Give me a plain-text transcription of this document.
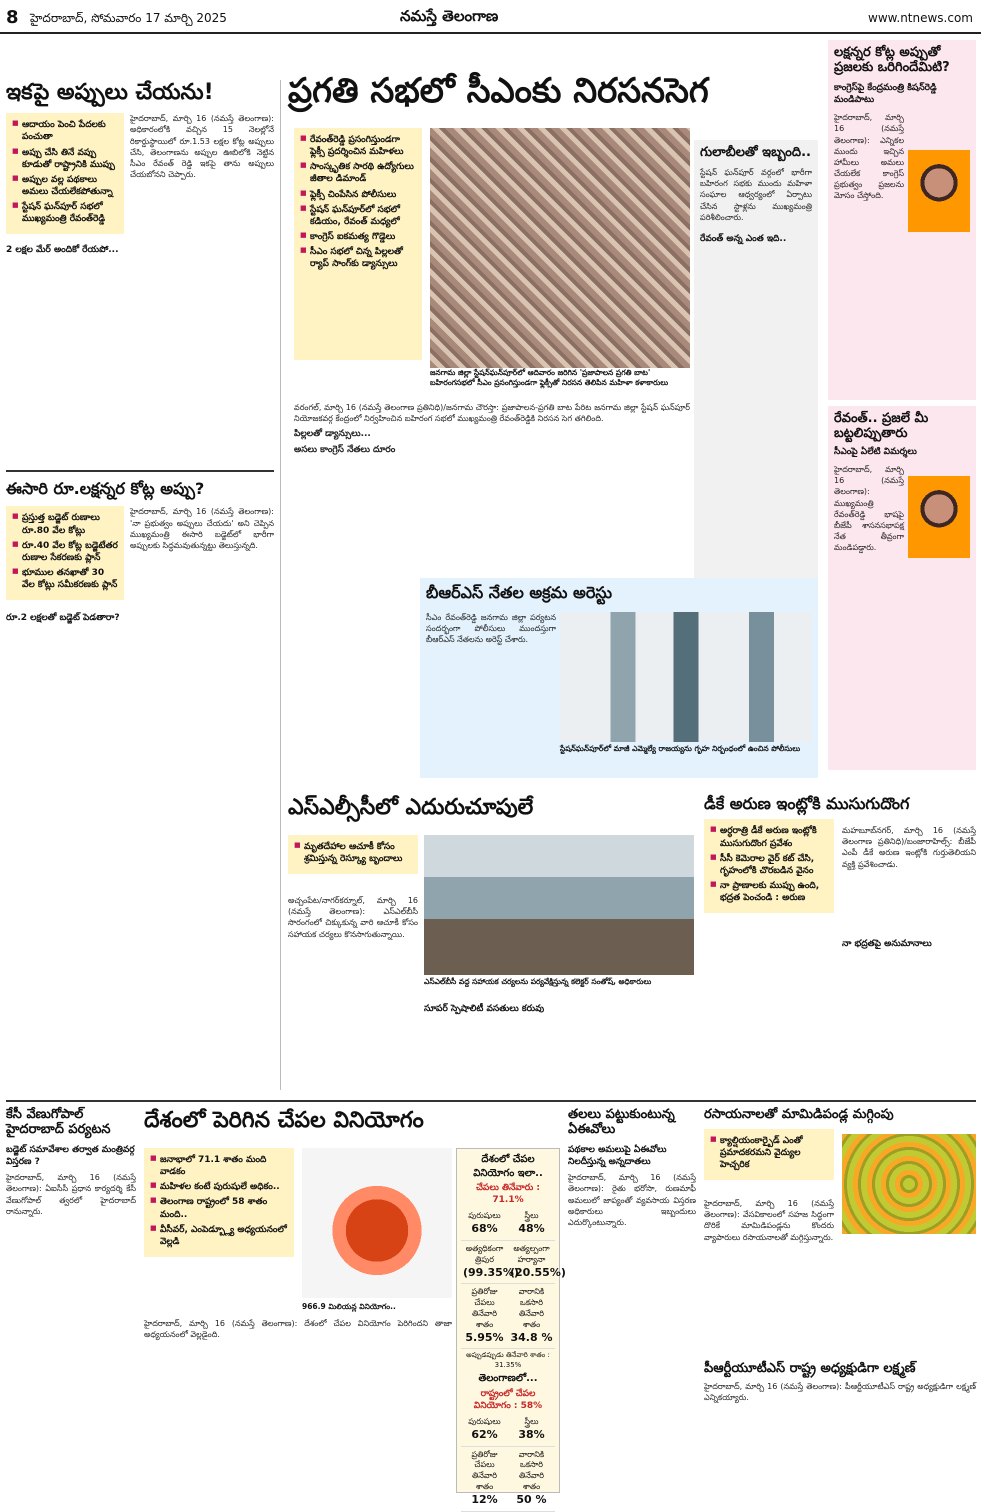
8 హైదరాబాద్, సోమవారం 17 మార్చి 2025	నమస్తే తెలంగాణ	www.ntnews.com
ఇకపై అప్పులు చేయను!
■ ఆదాయం పెంచి పేదలకు పంచుతా
■ అప్పు చేసి తినే వప్పు కూడుతో రాష్ట్రానికి ముప్పు
■ అప్పుల వల్ల పథకాలు అమలు చేయలేకపోతున్నా
■ స్టేషన్ ఘన్‌పూర్ సభలో ముఖ్యమంత్రి రేవంత్‌రెడ్డి

హైదరాబాద్, మార్చి 16 (నమస్తే తెలంగాణ): అధికారంలోకి వచ్చిన 15 నెలల్లోనే రికార్డుస్థాయిలో రూ.1.53 లక్షల కోట్ల అప్పులు చేసి, తెలంగాణను అప్పుల ఊబిలోకి నెట్టిన సీఎం రేవంత్ రెడ్డి ఇకపై తాను అప్పులు చేయబోనని చెప్పారు.

2 లక్షల మేర్ అందికో రేయపో...
ఈసారి రూ.లక్షన్నర కోట్ల అప్పు?
■ ప్రస్తుత్త బడ్జెట్ రుణాలు రూ.80 వేల కోట్లు
■ రూ.40 వేల కోట్ల బడ్జెటేతర రుణాల సేకరణకు ప్లాన్
■ భూముల తనఖాతో 30 వేల కోట్లు సమీకరణకు ప్లాన్

హైదరాబాద్, మార్చి 16 (నమస్తే తెలంగాణ): 'నా ప్రభుత్వం అప్పులు చేయదు' అని చెప్పిన ముఖ్యమంత్రి ఈసారి బడ్జెట్‌లో భారీగా అప్పులకు సిద్ధమవుతున్నట్టు తెలుస్తున్నది.

రూ.2 లక్షలతో బడ్జెట్ పెడతారా?
ప్రగతి సభలో సీఎంకు నిరసనసెగ
■ రేవంత్‌రెడ్డి ప్రసంగిస్తుండగా ఫ్లెక్సీ ప్రదర్శించిన మహిళలు
■ సాంస్కృతిక సారథి ఉద్యోగులు జీతాల డిమాండ్
■ ఫ్లెక్సీ చింపేసిన పోలీసులు
■ స్టేషన్ ఘన్‌పూర్‌లో సభలో కడియం, రేవంత్ మధ్యలో
■ కాంగ్రెస్ ఐకమత్య గొడ్డెలు
■ సీఎం సభలో చిన్న పిల్లలతో ర్యాప్ సాంగ్‌కు డ్యాన్సులు
జనగామ జిల్లా స్టేషన్‌ఘన్‌పూర్‌లో ఆదివారం జరిగిన 'ప్రజాపాలన ప్రగతి బాట' బహిరంగసభలో సీఎం ప్రసంగిస్తుండగా ఫ్లెక్సీతో నిరసన తెలిపిన మహిళా కళాకారులు

వరంగల్, మార్చి 16 (నమస్తే తెలంగాణ ప్రతినిధి)/జనగామ చౌరస్తా: ప్రజాపాలన-ప్రగతి బాట పేరిట జనగామ జిల్లా స్టేషన్ ఘన్‌పూర్ నియోజకవర్గ కేంద్రంలో నిర్వహించిన బహిరంగ సభలో ముఖ్యమంత్రి రేవంత్‌రెడ్డికి నిరసన సెగ తగిలింది.

పిల్లలతో డ్యాన్సులు...
అసలు కాంగ్రెస్ నేతలు దూరం
గులాబీలతో ఇబ్బంది..
స్టేషన్ ఘన్‌పూర్ వర్గంలో భారీగా బహిరంగ సభకు ముందు మహిళా సంఘాల ఆధ్వర్యంలో ఏర్పాటు చేసిన స్టాళ్లను ముఖ్యమంత్రి పరిశీలించారు.
రేవంత్ అన్న ఎంత ఇది..
బీఆర్ఎస్ నేతల అక్రమ అరెస్టు
సీఎం రేవంత్‌రెడ్డి జనగామ జిల్లా పర్యటన సందర్భంగా పోలీసులు ముందస్తుగా బీఆర్ఎస్ నేతలను అరెస్ట్ చేశారు.
స్టేషన్‌ఘన్‌పూర్‌లో మాజీ ఎమ్మెల్యే రాజయ్యను గృహ నిర్బంధంలో ఉంచిన పోలీసులు
లక్షన్నర కోట్ల అప్పుతో ప్రజలకు ఒరిగిందేమిటి?
కాంగ్రెస్‌పై కేంద్రమంత్రి కిషన్‌రెడ్డి మండిపాటు
హైదరాబాద్, మార్చి 16 (నమస్తే తెలంగాణ): ఎన్నికల ముందు ఇచ్చిన హామీలు అమలు చేయలేక కాంగ్రెస్ ప్రభుత్వం ప్రజలను మోసం చేస్తోంది.
రేవంత్.. ప్రజలే మీ బట్టలిప్పుతారు
సీఎంపై ఏలేటి విమర్శలు
హైదరాబాద్, మార్చి 16 (నమస్తే తెలంగాణ): ముఖ్యమంత్రి రేవంత్‌రెడ్డి భాషపై బీజేపీ శాసనసభాపక్ష నేత తీవ్రంగా మండిపడ్డారు.
ఎస్ఎల్సీసీలో ఎదురుచూపులే
■ మృతదేహాల ఆచూకీ కోసం శ్రమిస్తున్న రెస్క్యూ బృందాలు
ఎస్ఎల్‌బీసీ వద్ద సహాయక చర్యలను పర్యవేక్షిస్తున్న కలెక్టర్ సంతోష్, అధికారులు
అచ్చంపేట/నాగర్‌కర్నూల్, మార్చి 16 (నమస్తే తెలంగాణ): ఎస్ఎల్‌బీసీ సొరంగంలో చిక్కుకున్న వారి ఆచూకీ కోసం సహాయక చర్యలు కొనసాగుతున్నాయి.
సూపర్ స్పెషాలిటీ వసతులు కరువు
డీకే అరుణ ఇంట్లోకి ముసుగుదొంగ
■ అర్ధరాత్రి డీకే అరుణ ఇంట్లోకి ముసుగుదొంగ ప్రవేశం
■ సీసీ కెమెరాల వైర్ కట్ చేసి, గృహంలోకి చొరబడిన వైనం
■ నా ప్రాణాలకు ముప్పు ఉంది, భద్రత పెంచండి : అరుణ
మహబూబ్‌నగర్, మార్చి 16 (నమస్తే తెలంగాణ ప్రతినిధి)/బంజారాహిల్స్: బీజేపీ ఎంపీ డీకే అరుణ ఇంట్లోకి గుర్తుతెలియని వ్యక్తి ప్రవేశించాడు.
నా భద్రతపై అనుమానాలు
కేసీ వేణుగోపాల్ హైదరాబాద్ పర్యటన
బడ్జెట్ సమావేశాల తర్వాత మంత్రివర్గ విస్తరణ ?
హైదరాబాద్, మార్చి 16 (నమస్తే తెలంగాణ): ఏఐసీసీ ప్రధాన కార్యదర్శి కేసీ వేణుగోపాల్ త్వరలో హైదరాబాద్ రానున్నారు.
దేశంలో పెరిగిన చేపల వినియోగం
■ జనాభాలో 71.1 శాతం మంది వాడకం
■ మహిళల కంటే పురుషులే అధికం..
■ తెలంగాణ రాష్ట్రంలో 58 శాతం మంది..
■ వీసీవర్, ఎంపెడ్బ్ల్యూ అధ్యయనంలో వెల్లడి
966.9 మిలియన్ల వినియోగం..
హైదరాబాద్, మార్చి 16 (నమస్తే తెలంగాణ): దేశంలో చేపల వినియోగం పెరిగిందని తాజా అధ్యయనంలో వెల్లడైంది.
దేశంలో చేపల వినియోగం ఇలా..
చేపలు తినేవారు : 71.1%
పురుషులు
68%
స్త్రీలు
48%
అత్యధికంగా త్రిపుర
(99.35%)
అత్యల్పంగా హర్యానా
(20.55%)
ప్రతిరోజు చేపలు తినేవారి శాతం
5.95%
వారానికి ఒకసారి తినేవారి శాతం
34.8 %
అప్పుడప్పుడు తినేవారి శాతం : 31.35%
తెలంగాణలో...
రాష్ట్రంలో చేపల వినియోగం : 58%
పురుషులు
62%
స్త్రీలు
38%
ప్రతిరోజు చేపలు తినేవారి శాతం
12%
వారానికి ఒకసారి తినేవారి శాతం
50 %
తలలు పట్టుకుంటున్న ఏఈవోలు
పథకాల అమలుపై ఏఈవోలు నిలదీస్తున్న అన్నదాతలు
హైదరాబాద్, మార్చి 16 (నమస్తే తెలంగాణ): రైతు భరోసా, రుణమాఫీ అమలులో జాప్యంతో వ్యవసాయ విస్తరణ అధికారులు ఇబ్బందులు ఎదుర్కొంటున్నారు.
రసాయనాలతో మామిడిపండ్ల మగ్గింపు
■ క్యాల్షియంకార్బైడ్ ఎంతో ప్రమాదకరమని వైద్యుల హెచ్చరిక
హైదరాబాద్, మార్చి 16 (నమస్తే తెలంగాణ): వేసవికాలంలో సహజ సిద్ధంగా దొరికే మామిడిపండ్లను కొందరు వ్యాపారులు రసాయనాలతో మగ్గిస్తున్నారు.
పీఆర్టీయూటీఎస్ రాష్ట్ర అధ్యక్షుడిగా లక్ష్మణ్
హైదరాబాద్, మార్చి 16 (నమస్తే తెలంగాణ): పీఆర్టీయూటీఎస్ రాష్ట్ర అధ్యక్షుడిగా లక్ష్మణ్ ఎన్నికయ్యారు.
